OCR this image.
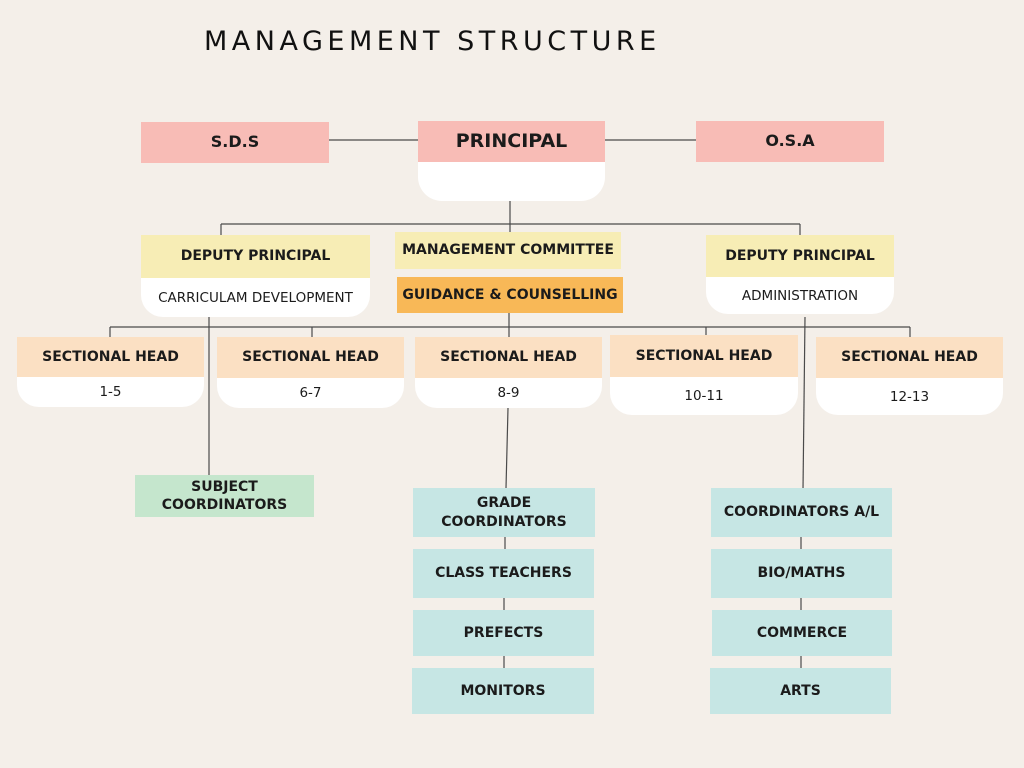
MANAGEMENT STRUCTURE
S.D.S	PRINCIPAL	O.S.A
DEPUTY PRINCIPAL
CARRICULAM DEVELOPMENT
MANAGEMENT COMMITTEE
GUIDANCE & COUNSELLING
DEPUTY PRINCIPAL
ADMINISTRATION
SECTIONAL HEAD
1-5
SECTIONAL HEAD
6-7
SECTIONAL HEAD
8-9
SECTIONAL HEAD
10-11
SECTIONAL HEAD
12-13
SUBJECT COORDINATORS	GRADE COORDINATORS
CLASS TEACHERS
PREFECTS
MONITORS
COORDINATORS A/L
BIO/MATHS
COMMERCE
ARTS
